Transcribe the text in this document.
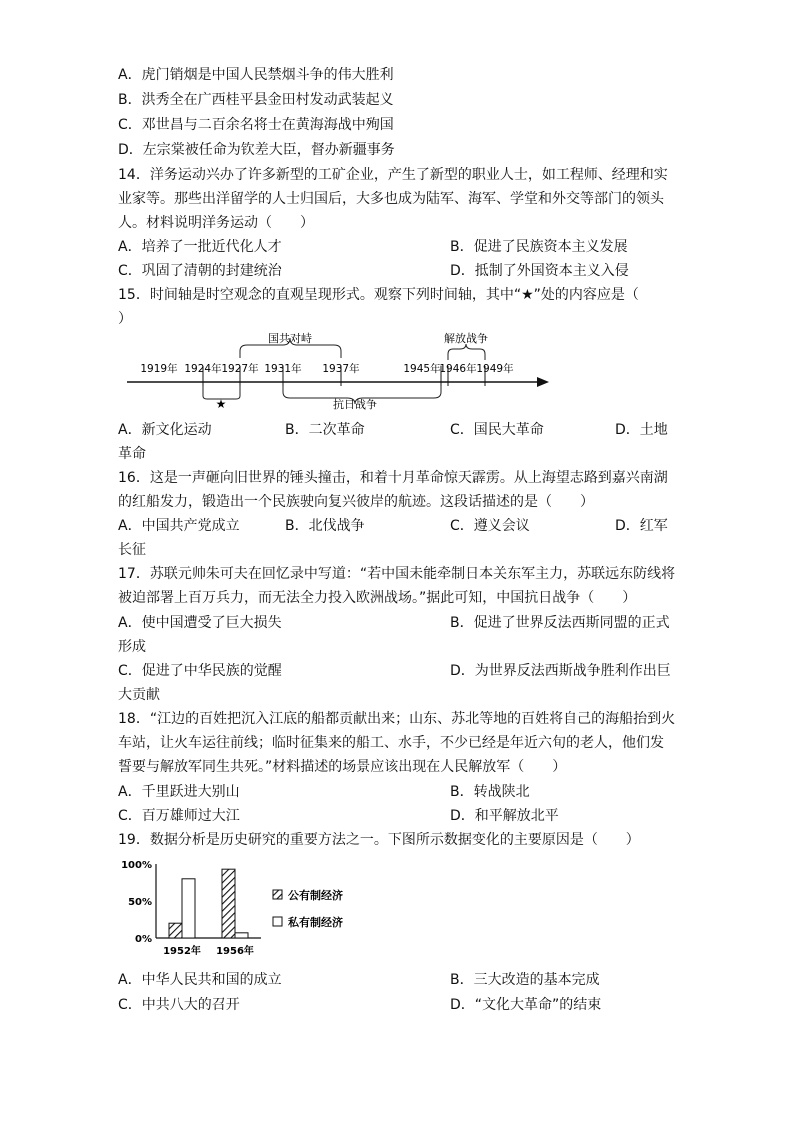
A．虎门销烟是中国人民禁烟斗争的伟大胜利
B．洪秀全在广西桂平县金田村发动武装起义
C．邓世昌与二百余名将士在黄海海战中殉国
D．左宗棠被任命为钦差大臣，督办新疆事务
14．洋务运动兴办了许多新型的工矿企业，产生了新型的职业人士，如工程师、经理和实
业家等。那些出洋留学的人士归国后，大多也成为陆军、海军、学堂和外交等部门的领头
人。材料说明洋务运动（　　）
A．培养了一批近代化人才	B．促进了民族资本主义发展
C．巩固了清朝的封建统治	D．抵制了外国资本主义入侵
15．时间轴是时空观念的直观呈现形式。观察下列时间轴，其中“★”处的内容应是（
）
国共对峙	解放战争
1919年 1924年 1927年 1931年 1937年	1945年
1946年 1949年
★	抗日战争
A．新文化运动	B．二次革命	C．国民大革命	D．土地
革命
16．这是一声砸向旧世界的锤头撞击，和着十月革命惊天霹雳。从上海望志路到嘉兴南湖
的红船发力，锻造出一个民族驶向复兴彼岸的航迹。这段话描述的是（　　）
A．中国共产党成立	B．北伐战争	C．遵义会议	D．红军
长征
17．苏联元帅朱可夫在回忆录中写道：“若中国未能牵制日本关东军主力，苏联远东防线将
被迫部署上百万兵力，而无法全力投入欧洲战场。”据此可知，中国抗日战争（　　）
A．使中国遭受了巨大损失	B．促进了世界反法西斯同盟的正式
形成
C．促进了中华民族的觉醒	D．为世界反法西斯战争胜利作出巨
大贡献
18．“江边的百姓把沉入江底的船都贡献出来；山东、苏北等地的百姓将自己的海船抬到火
车站，让火车运往前线；临时征集来的船工、水手，不少已经是年近六旬的老人，他们发
誓要与解放军同生共死。”材料描述的场景应该出现在人民解放军（　　）
A．千里跃进大别山	B．转战陕北
C．百万雄师过大江	D．和平解放北平
19．数据分析是历史研究的重要方法之一。下图所示数据变化的主要原因是（　　）
100%
50%
0%
1952年 1956年
公有制经济
私有制经济
A．中华人民共和国的成立	B．三大改造的基本完成
C．中共八大的召开	D．“文化大革命”的结束
